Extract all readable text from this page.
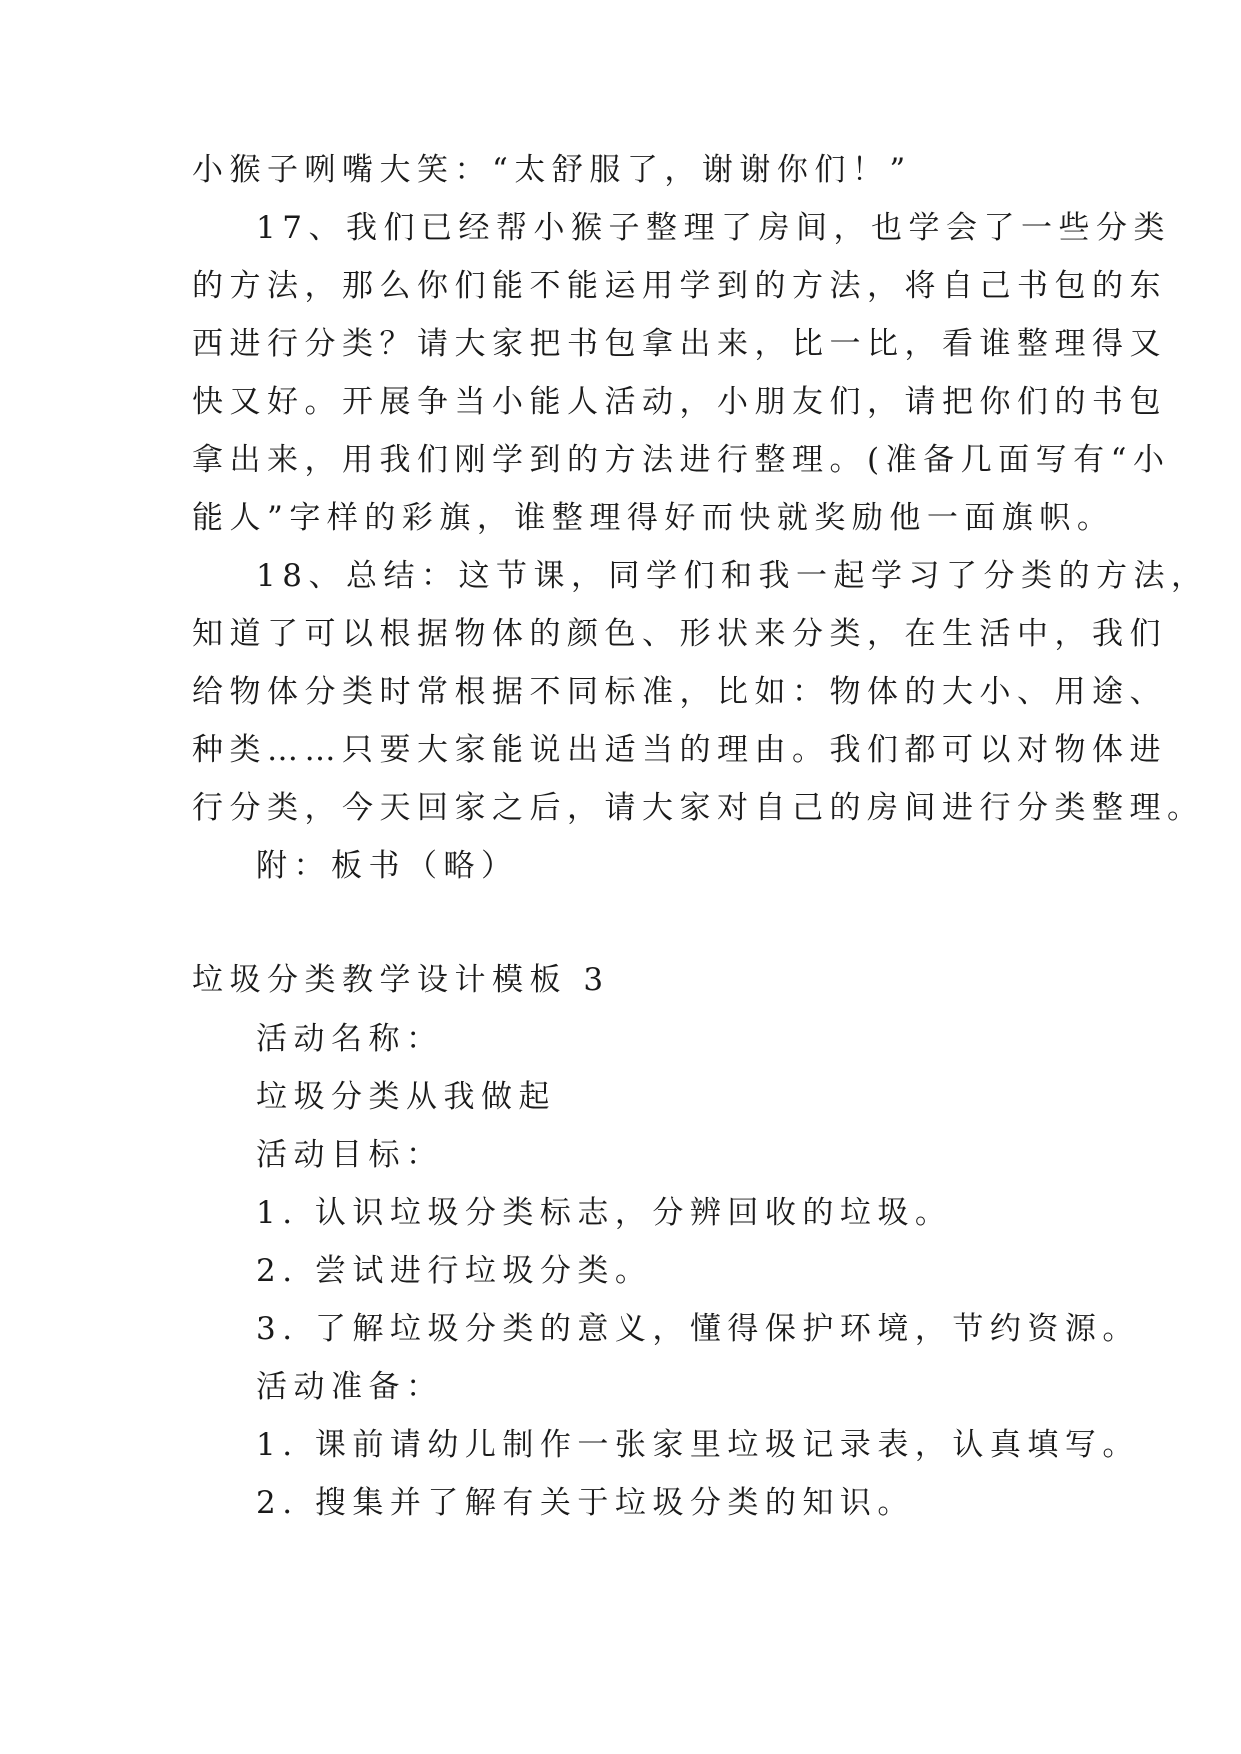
小猴子咧嘴大笑：“太舒服了，谢谢你们！”
17、我们已经帮小猴子整理了房间，也学会了一些分类
的方法，那么你们能不能运用学到的方法，将自己书包的东
西进行分类？请大家把书包拿出来，比一比，看谁整理得又
快又好。开展争当小能人活动，小朋友们，请把你们的书包
拿出来，用我们刚学到的方法进行整理。(准备几面写有“小
能人”字样的彩旗，谁整理得好而快就奖励他一面旗帜。
18、总结：这节课，同学们和我一起学习了分类的方法，
知道了可以根据物体的颜色、形状来分类，在生活中，我们
给物体分类时常根据不同标准，比如：物体的大小、用途、
种类……只要大家能说出适当的理由。我们都可以对物体进
行分类，今天回家之后，请大家对自己的房间进行分类整理。
附：板书（略）
垃圾分类教学设计模板 3
活动名称：
垃圾分类从我做起
活动目标：
1. 认识垃圾分类标志，分辨回收的垃圾。
2. 尝试进行垃圾分类。
3. 了解垃圾分类的意义，懂得保护环境，节约资源。
活动准备：
1. 课前请幼儿制作一张家里垃圾记录表，认真填写。
2. 搜集并了解有关于垃圾分类的知识。
